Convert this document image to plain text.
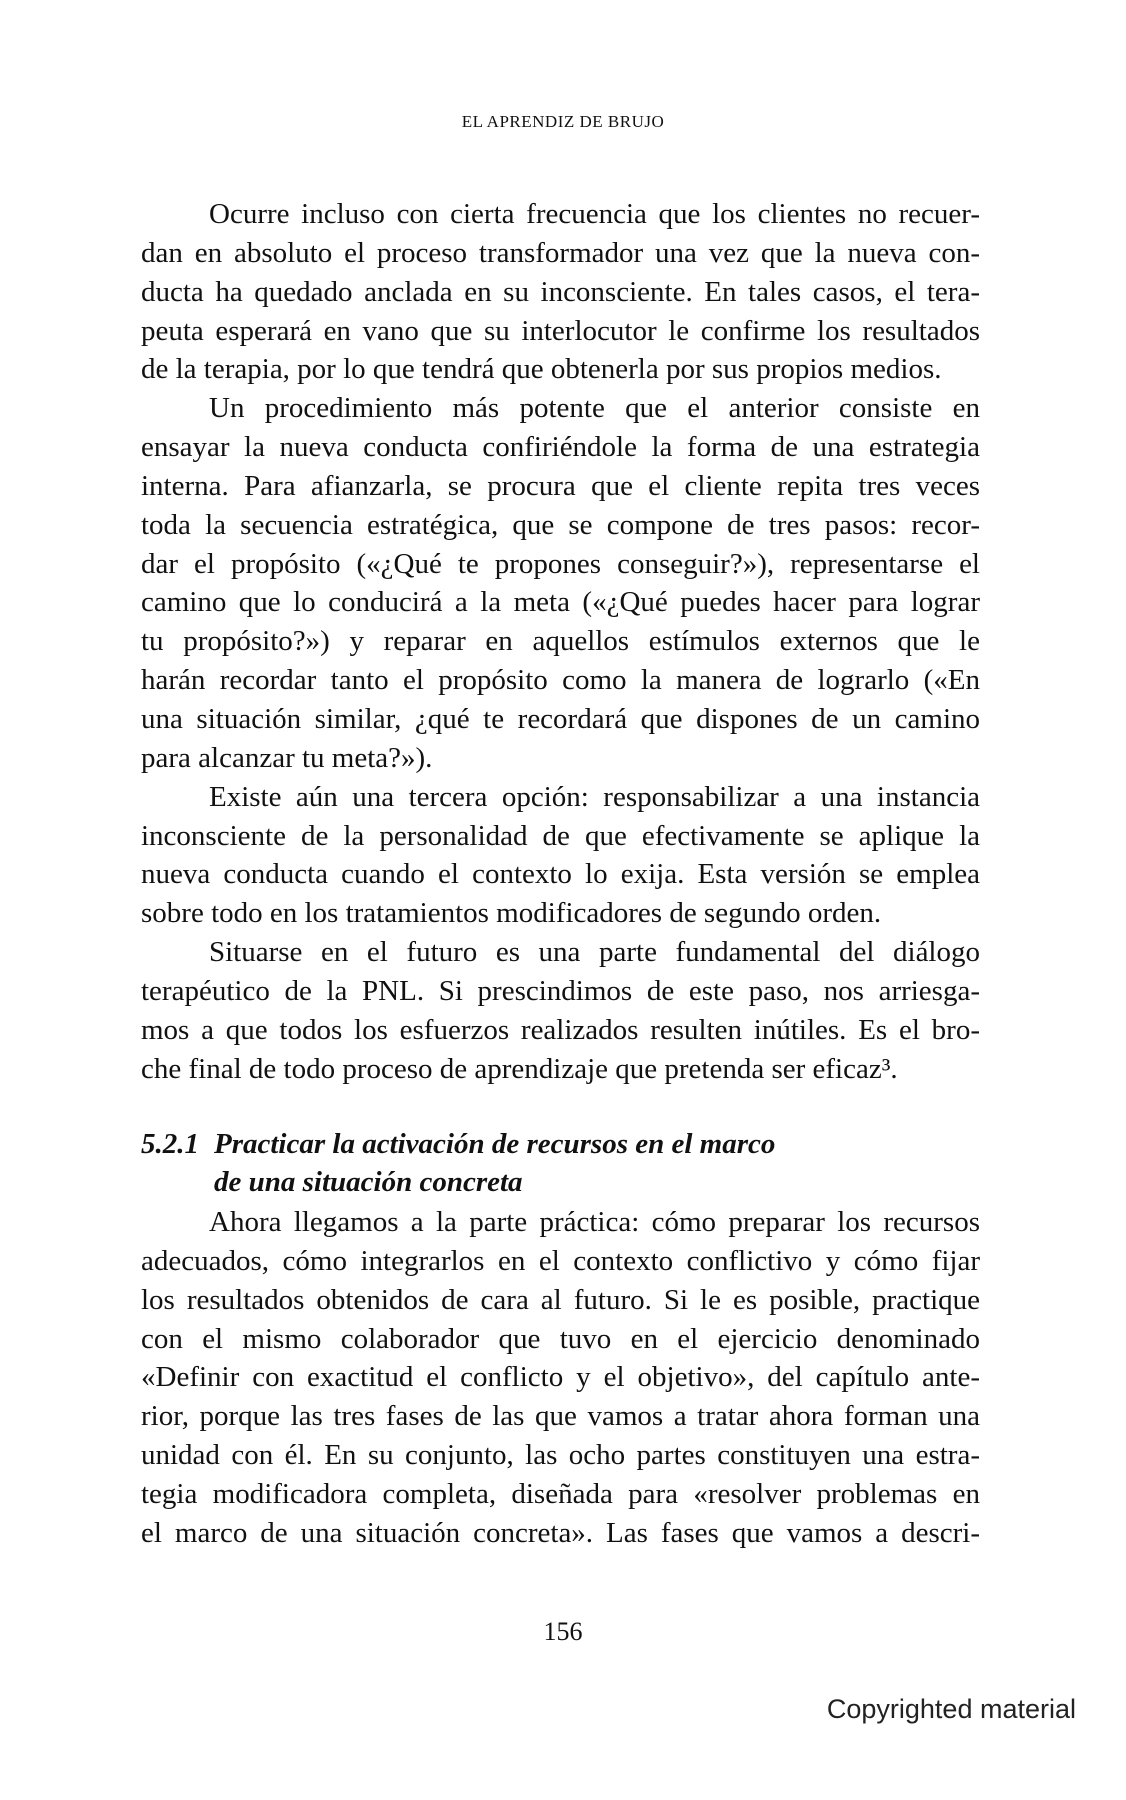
EL APRENDIZ DE BRUJO
Ocurre incluso con cierta frecuencia que los clientes no recuer-
dan en absoluto el proceso transformador una vez que la nueva con-
ducta ha quedado anclada en su inconsciente. En tales casos, el tera-
peuta esperará en vano que su interlocutor le confirme los resultados
de la terapia, por lo que tendrá que obtenerla por sus propios medios.
Un procedimiento más potente que el anterior consiste en
ensayar la nueva conducta confiriéndole la forma de una estrategia
interna. Para afianzarla, se procura que el cliente repita tres veces
toda la secuencia estratégica, que se compone de tres pasos: recor-
dar el propósito («¿Qué te propones conseguir?»), representarse el
camino que lo conducirá a la meta («¿Qué puedes hacer para lograr
tu propósito?») y reparar en aquellos estímulos externos que le
harán recordar tanto el propósito como la manera de lograrlo («En
una situación similar, ¿qué te recordará que dispones de un camino
para alcanzar tu meta?»).
Existe aún una tercera opción: responsabilizar a una instancia
inconsciente de la personalidad de que efectivamente se aplique la
nueva conducta cuando el contexto lo exija. Esta versión se emplea
sobre todo en los tratamientos modificadores de segundo orden.
Situarse en el futuro es una parte fundamental del diálogo
terapéutico de la PNL. Si prescindimos de este paso, nos arriesga-
mos a que todos los esfuerzos realizados resulten inútiles. Es el bro-
che final de todo proceso de aprendizaje que pretenda ser eficaz³.
5.2.1 Practicar la activación de recursos en el marco
de una situación concreta
Ahora llegamos a la parte práctica: cómo preparar los recursos
adecuados, cómo integrarlos en el contexto conflictivo y cómo fijar
los resultados obtenidos de cara al futuro. Si le es posible, practique
con el mismo colaborador que tuvo en el ejercicio denominado
«Definir con exactitud el conflicto y el objetivo», del capítulo ante-
rior, porque las tres fases de las que vamos a tratar ahora forman una
unidad con él. En su conjunto, las ocho partes constituyen una estra-
tegia modificadora completa, diseñada para «resolver problemas en
el marco de una situación concreta». Las fases que vamos a descri-
156
Copyrighted material
